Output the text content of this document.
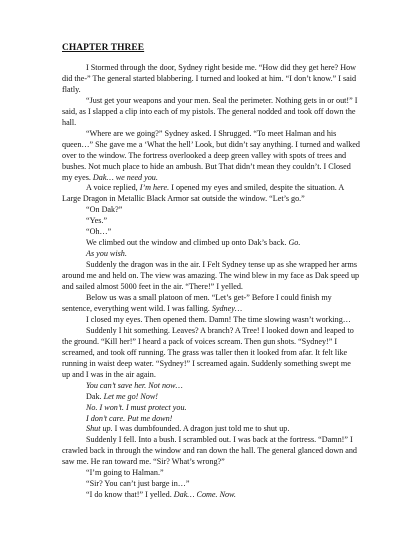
CHAPTER THREE

I Stormed through the door, Sydney right beside me. “How did they get here? How did the-” The general started blabbering. I turned and looked at him. “I don’t know.” I said flatly.

“Just get your weapons and your men. Seal the perimeter. Nothing gets in or out!” I said, as I slapped a clip into each of my pistols. The general nodded and took off down the hall.

“Where are we going?” Sydney asked. I Shrugged. “To meet Halman and his queen…” She gave me a ‘What the hell’ Look, but didn’t say anything. I turned and walked over to the window. The fortress overlooked a deep green valley with spots of trees and bushes. Not much place to hide an ambush. But That didn’t mean they couldn’t. I Closed my eyes. Dak… we need you.

A voice replied, I’m here. I opened my eyes and smiled, despite the situation. A Large Dragon in Metallic Black Armor sat outside the window. “Let’s go.”

“On Dak?”

“Yes.”

“Oh…”

We climbed out the window and climbed up onto Dak’s back. Go.

As you wish.

Suddenly the dragon was in the air. I Felt Sydney tense up as she wrapped her arms around me and held on. The view was amazing. The wind blew in my face as Dak speed up and sailed almost 5000 feet in the air. “There!” I yelled.

Below us was a small platoon of men. “Let’s get-” Before I could finish my sentence, everything went wild. I was falling. Sydney…

I closed my eyes. Then opened them. Damn! The time slowing wasn’t working…

Suddenly I hit something. Leaves? A branch? A Tree! I looked down and leaped to the ground. “Kill her!” I heard a pack of voices scream. Then gun shots. “Sydney!” I screamed, and took off running. The grass was taller then it looked from afar. It felt like running in waist deep water. “Sydney!” I screamed again. Suddenly something swept me up and I was in the air again.

You can’t save her. Not now…

Dak. Let me go! Now!

No. I won’t. I must protect you.

I don’t care. Put me down!

Shut up. I was dumbfounded. A dragon just told me to shut up.

Suddenly I fell. Into a bush. I scrambled out. I was back at the fortress. “Damn!” I crawled back in through the window and ran down the hall. The general glanced down and saw me. He ran toward me. “Sir? What’s wrong?”

“I’m going to Halman.”

“Sir? You can’t just barge in…”

“I do know that!” I yelled. Dak… Come. Now.
